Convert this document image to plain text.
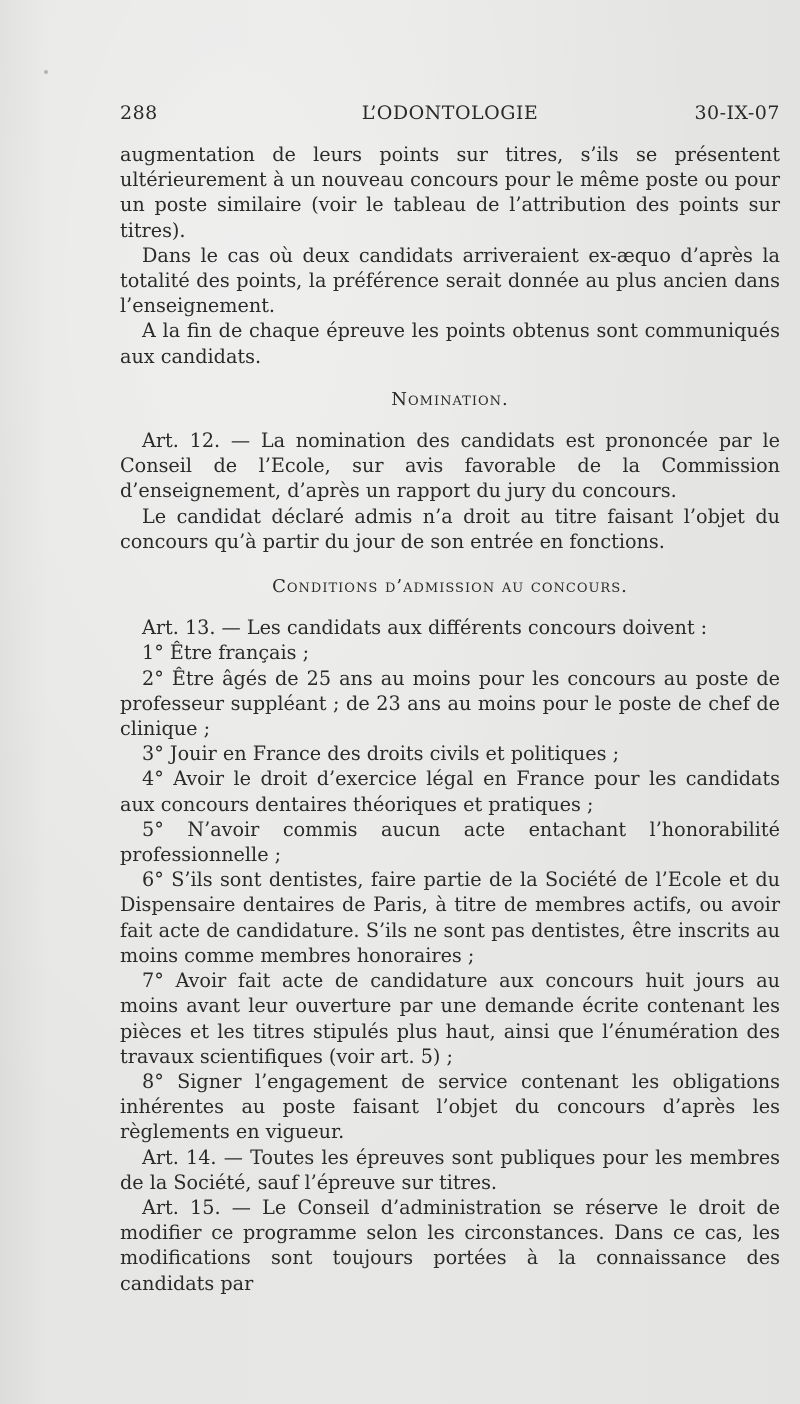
288	L’ODONTOLOGIE	30-IX-07

augmentation de leurs points sur titres, s’ils se présentent ultérieurement à un nouveau concours pour le même poste ou pour un poste similaire (voir le tableau de l’attribution des points sur titres).

Dans le cas où deux candidats arriveraient ex-æquo d’après la totalité des points, la préférence serait donnée au plus ancien dans l’enseignement.

A la fin de chaque épreuve les points obtenus sont communiqués aux candidats.

Nomination.

Art. 12. — La nomination des candidats est prononcée par le Conseil de l’Ecole, sur avis favorable de la Commission d’enseignement, d’après un rapport du jury du concours.

Le candidat déclaré admis n’a droit au titre faisant l’objet du concours qu’à partir du jour de son entrée en fonctions.

Conditions d’admission au concours.

Art. 13. — Les candidats aux différents concours doivent :

1° Être français ;

2° Être âgés de 25 ans au moins pour les concours au poste de professeur suppléant ; de 23 ans au moins pour le poste de chef de clinique ;

3° Jouir en France des droits civils et politiques ;

4° Avoir le droit d’exercice légal en France pour les candidats aux concours dentaires théoriques et pratiques ;

5° N’avoir commis aucun acte entachant l’honorabilité professionnelle ;

6° S’ils sont dentistes, faire partie de la Société de l’Ecole et du Dispensaire dentaires de Paris, à titre de membres actifs, ou avoir fait acte de candidature. S’ils ne sont pas dentistes, être inscrits au moins comme membres honoraires ;

7° Avoir fait acte de candidature aux concours huit jours au moins avant leur ouverture par une demande écrite contenant les pièces et les titres stipulés plus haut, ainsi que l’énumération des travaux scientifiques (voir art. 5) ;

8° Signer l’engagement de service contenant les obligations inhérentes au poste faisant l’objet du concours d’après les règlements en vigueur.

Art. 14. — Toutes les épreuves sont publiques pour les membres de la Société, sauf l’épreuve sur titres.

Art. 15. — Le Conseil d’administration se réserve le droit de modifier ce programme selon les circonstances. Dans ce cas, les modifications sont toujours portées à la connaissance des candidats par
